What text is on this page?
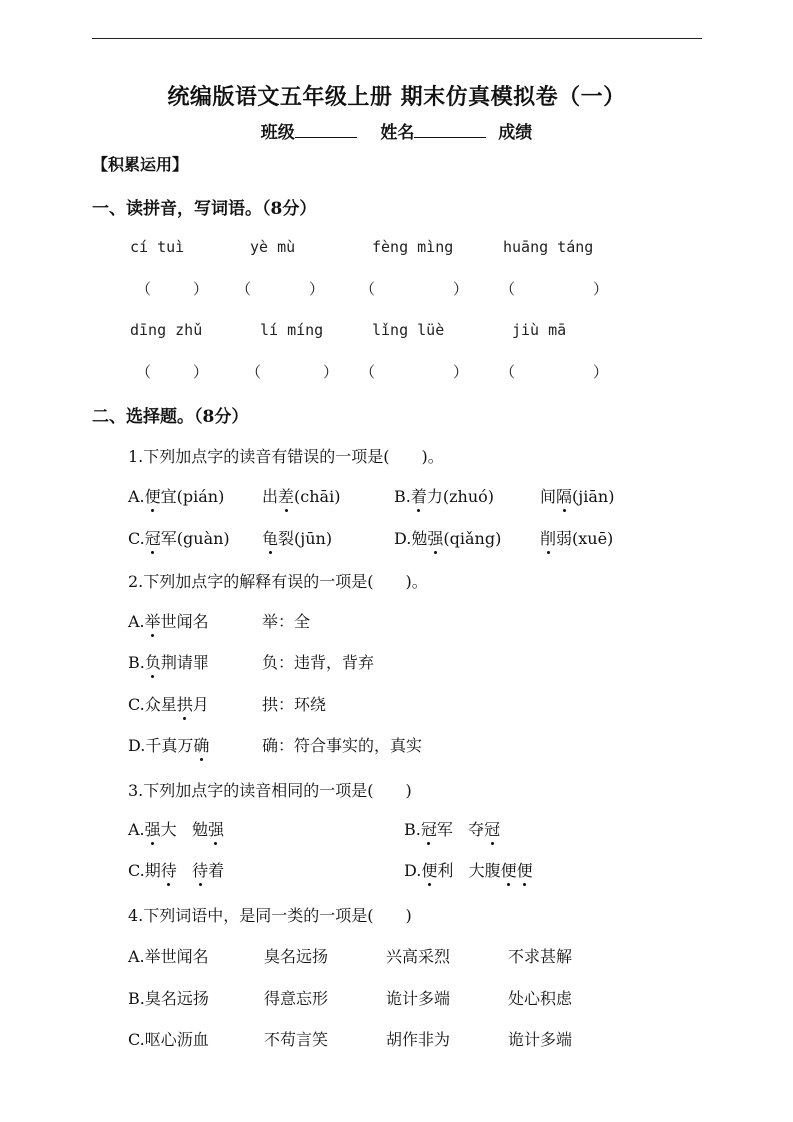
统编版语文五年级上册 期末仿真模拟卷（一）
班级	姓名	成绩
【积累运用】
一、读拼音，写词语。（8分）
cí tuì	yè mù	fèng mìng	huāng táng
（	） （	） （	） （	）
dīng zhǔ	lí míng	lǐng lüè	jiù mā
（	）	（	） （	） （	）
二、选择题。（8分）
1.下列加点字的读音有错误的一项是(　　)。
A.便宜(pián) 出差(chāi)	B.着力(zhuó)	间隔(jiān)
C.冠军(guàn) 龟裂(jūn)	D.勉强(qiǎng) 削弱(xuē)
2.下列加点字的解释有误的一项是(　　)。
A.举世闻名	举：全
B.负荆请罪	负：违背，背弃
C.众星拱月	拱：环绕
D.千真万确	确：符合事实的，真实
3.下列加点字的读音相同的一项是(　　)
A.强大 勉强	B.冠军 夺冠
C.期待 待着	D.便利 大腹便便
4.下列词语中，是同一类的一项是(　　)
A.举世闻名	臭名远扬	兴高采烈	不求甚解
B.臭名远扬	得意忘形	诡计多端	处心积虑
C.呕心沥血	不苟言笑	胡作非为	诡计多端
